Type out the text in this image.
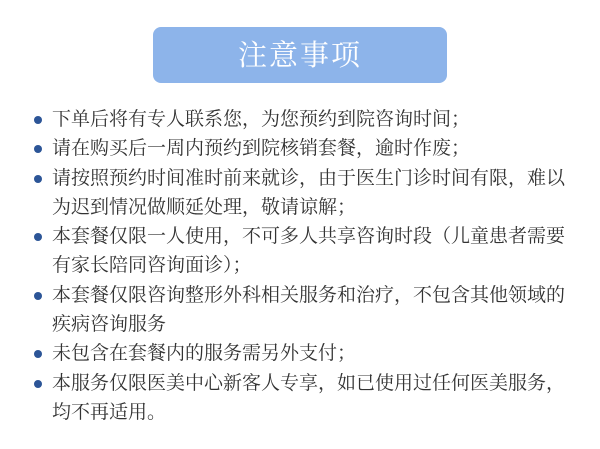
注意事项
下单后将有专人联系您，为您预约到院咨询时间；
请在购买后一周内预约到院核销套餐，逾时作废；
请按照预约时间准时前来就诊，由于医生门诊时间有限，难以
为迟到情况做顺延处理，敬请谅解；
本套餐仅限一人使用，不可多人共享咨询时段（儿童患者需要
有家长陪同咨询面诊）；
本套餐仅限咨询整形外科相关服务和治疗，不包含其他领域的
疾病咨询服务
未包含在套餐内的服务需另外支付；
本服务仅限医美中心新客人专享，如已使用过任何医美服务，
均不再适用。
